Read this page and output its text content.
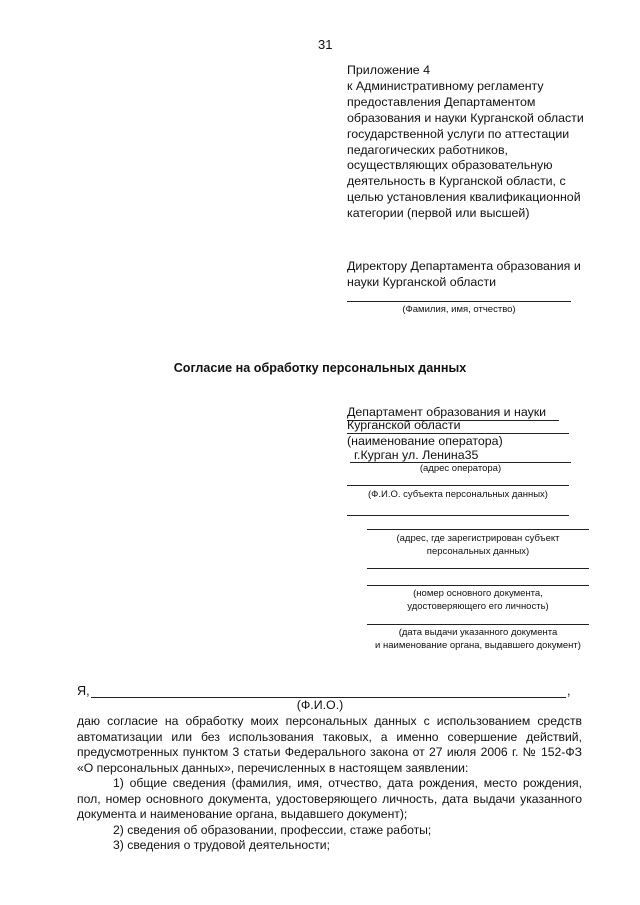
31
Приложение 4
к Административному регламенту
предоставления Департаментом
образования и науки Курганской области
государственной услуги по аттестации
педагогических работников,
осуществляющих образовательную
деятельность в Курганской области, с
целью установления квалификационной
категории (первой или высшей)
Директору Департамента образования и
науки Курганской области
(Фамилия, имя, отчество)
Согласие на обработку персональных данных
Департамент образования и науки
Курганской области
(наименование оператора)
г.Курган ул. Ленина35
(адрес оператора)
(Ф.И.О. субъекта персональных данных)
(адрес, где зарегистрирован субъект
персональных данных)
(номер основного документа,
удостоверяющего его личность)
(дата выдачи указанного документа
и наименование органа, выдавшего документ)
Я,	,
(Ф.И.О.)

даю согласие на обработку моих персональных данных с использованием средств

автоматизации или без использования таковых, а именно совершение действий,

предусмотренных пунктом 3 статьи Федерального закона от 27 июля 2006 г. № 152-ФЗ

«О персональных данных», перечисленных в настоящем заявлении:

1) общие сведения (фамилия, имя, отчество, дата рождения, место рождения,

пол, номер основного документа, удостоверяющего личность, дата выдачи указанного

документа и наименование органа, выдавшего документ);

2) сведения об образовании, профессии, стаже работы;

3) сведения о трудовой деятельности;
